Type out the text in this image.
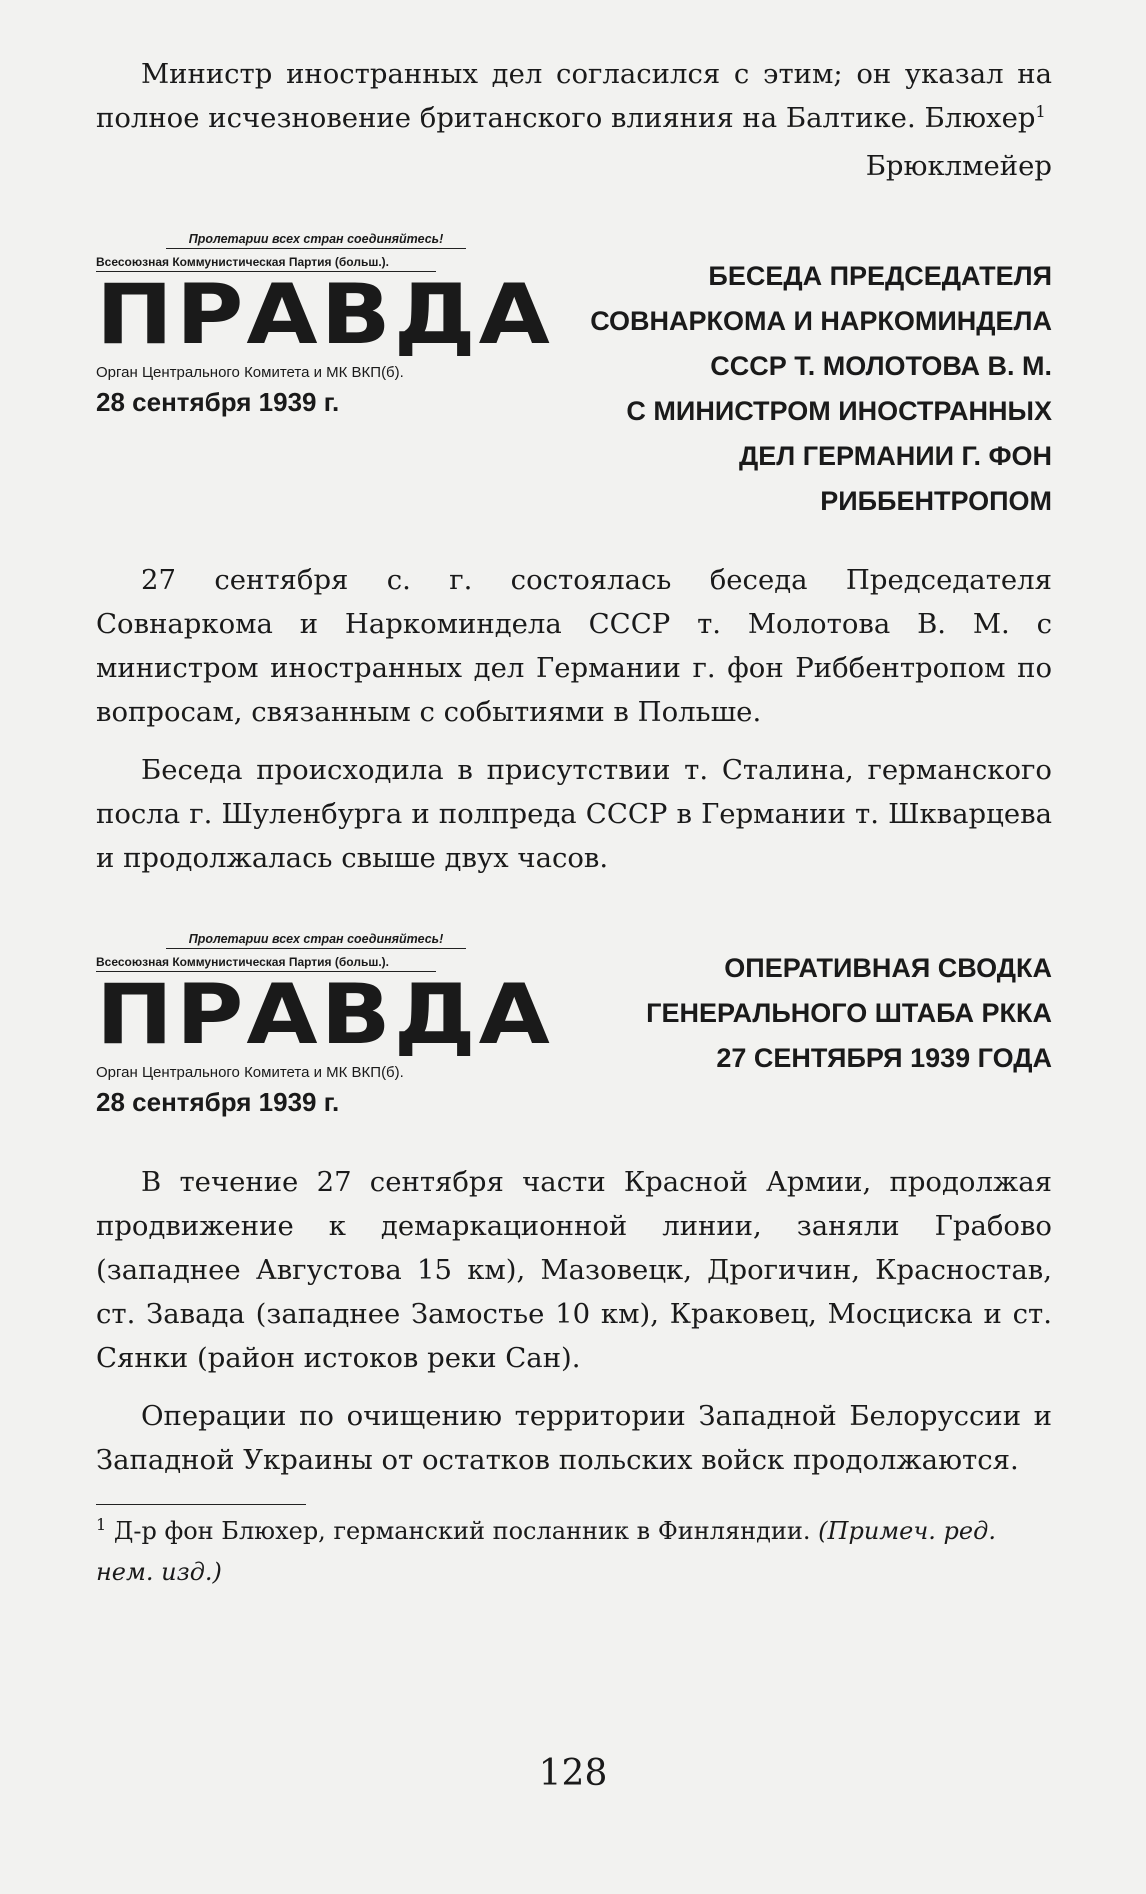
Министр иностранных дел согласился с этим; он указал на полное исчезновение британского влияния на Балтике. Блюхер$^1$

Брюклмейер
Пролетарии всех стран соединяйтесь!
Всесоюзная Коммунистическая Партия (больш.).
ПРАВДА
Орган Центрального Комитета и МК ВКП(б).
28 сентября 1939 г.
БЕСЕДА ПРЕДСЕДАТЕЛЯ
СОВНАРКОМА И НАРКОМИНДЕЛА
СССР Т. МОЛОТОВА В. М.
С МИНИСТРОМ ИНОСТРАННЫХ
ДЕЛ ГЕРМАНИИ Г. ФОН
РИББЕНТРОПОМ

27 сентября с. г. состоялась беседа Председателя Совнаркома и Наркоминдела СССР т. Молотова В. М. с министром иностранных дел Германии г. фон Риббентропом по вопросам, связанным с событиями в Польше.

Беседа происходила в присутствии т. Сталина, германского посла г. Шуленбурга и полпреда СССР в Германии т. Шкварцева и продолжалась свыше двух часов.

Пролетарии всех стран соединяйтесь!
Всесоюзная Коммунистическая Партия (больш.).
ПРАВДА
Орган Центрального Комитета и МК ВКП(б).
28 сентября 1939 г.
ОПЕРАТИВНАЯ СВОДКА
ГЕНЕРАЛЬНОГО ШТАБА РККА
27 СЕНТЯБРЯ 1939 ГОДА

В течение 27 сентября части Красной Армии, продолжая продвижение к демаркационной линии, заняли Грабово (западнее Августова 15 км), Мазовецк, Дрогичин, Красностав, ст. Завада (западнее Замостье 10 км), Краковец, Мосциска и ст. Сянки (район истоков реки Сан).

Операции по очищению территории Западной Белоруссии и Западной Украины от остатков польских войск продолжаются.

$^1$ Д-р фон Блюхер, германский посланник в Финляндии. (Примеч. ред. нем. изд.)

128
